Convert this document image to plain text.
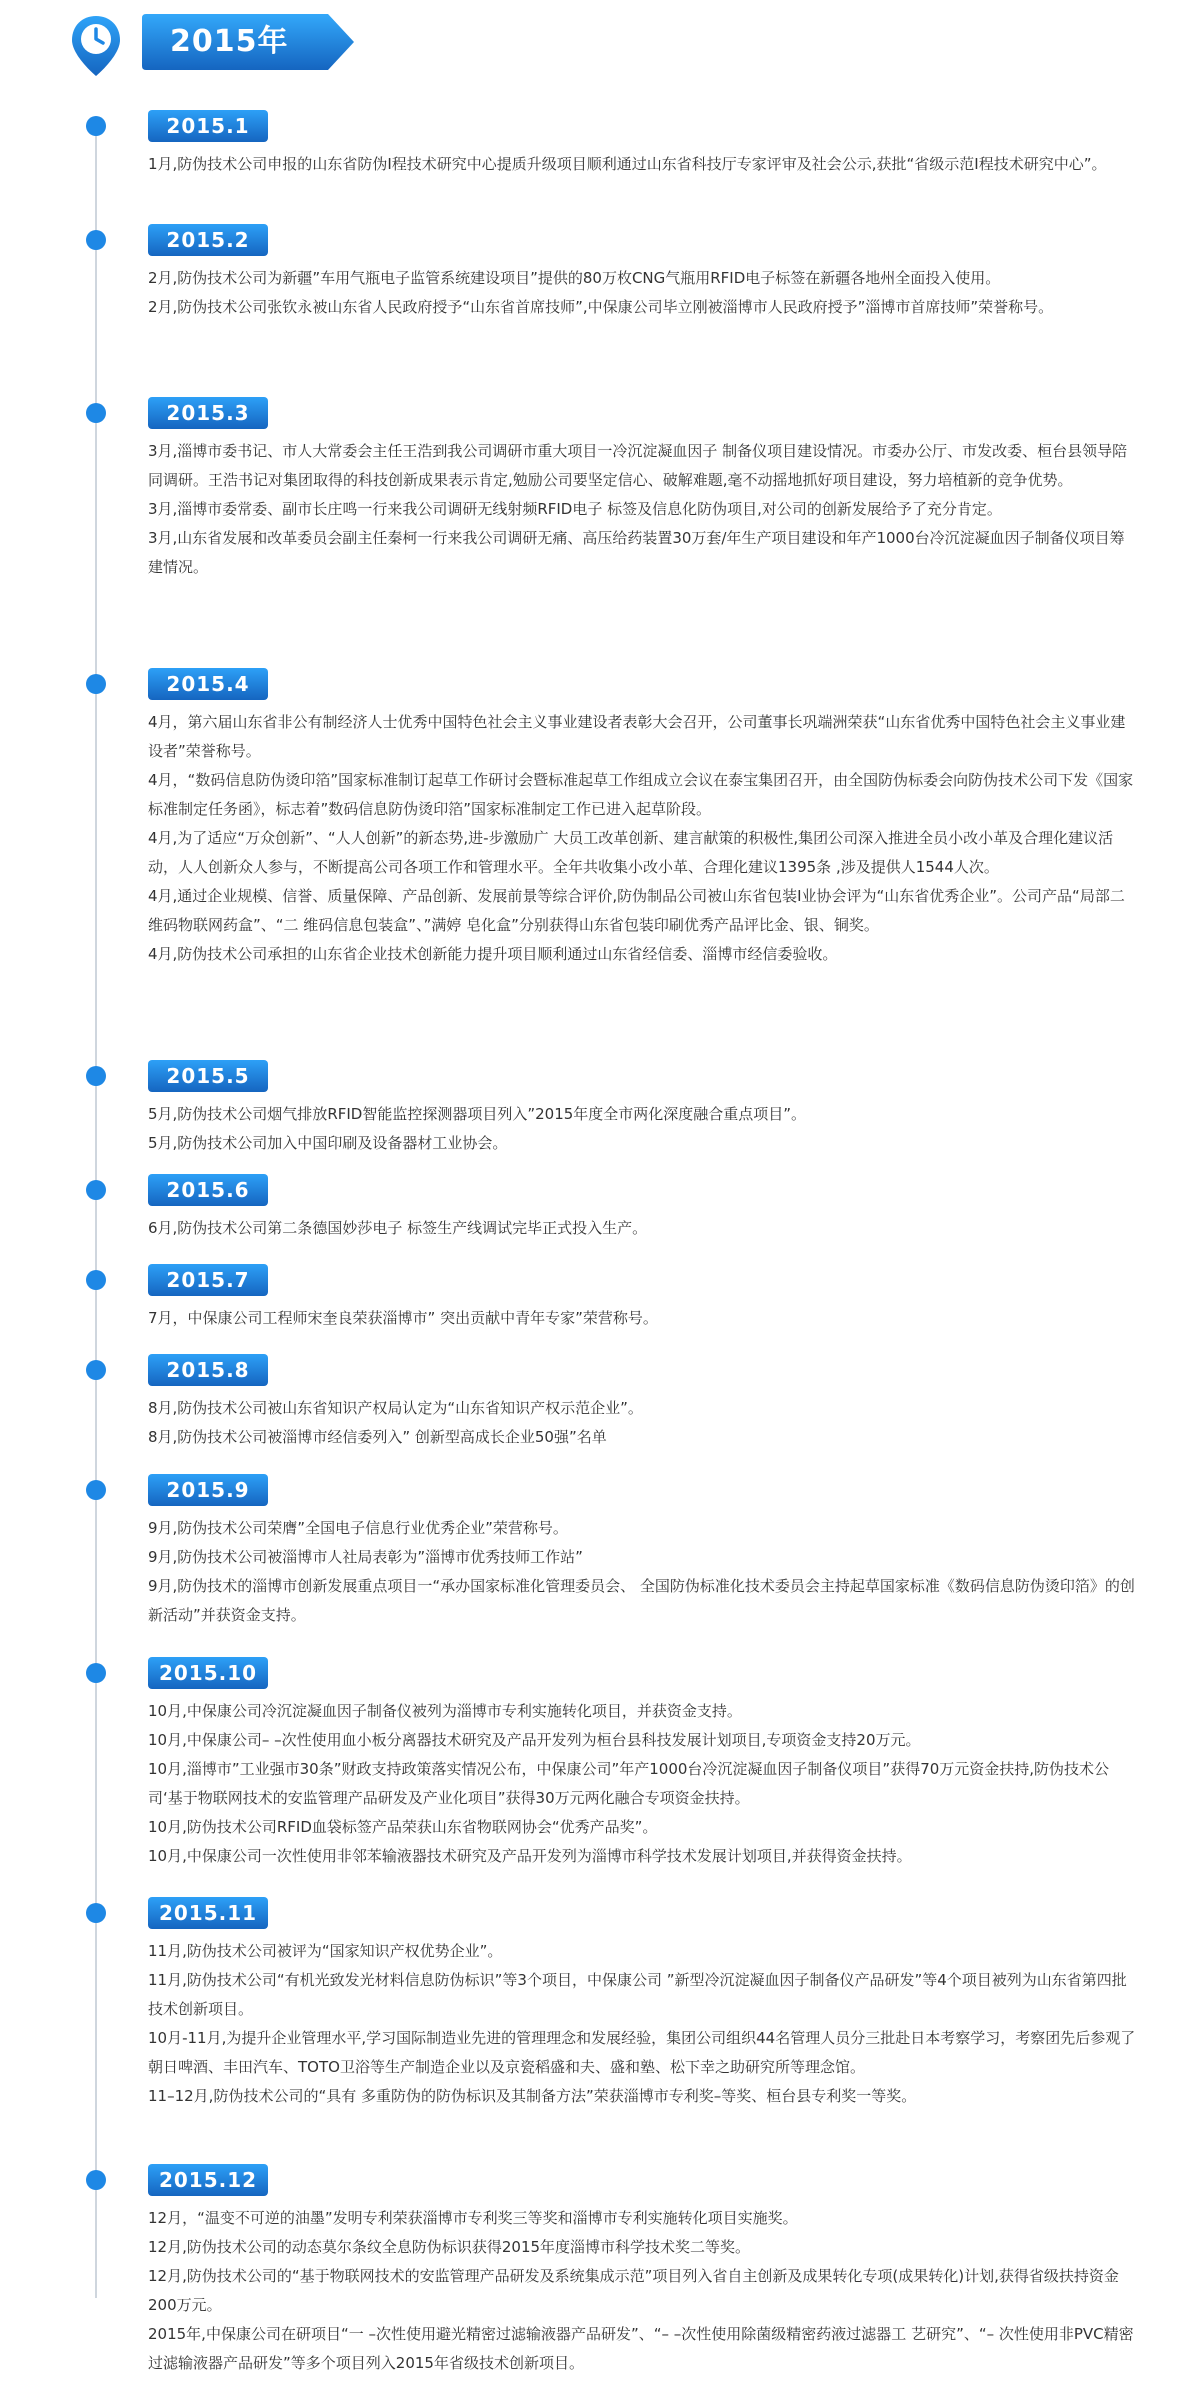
2015年
2015.1

1月,防伪技术公司申报的山东省防伪I程技术研究中心提质升级项目顺利通过山东省科技厅专家评审及社会公示,获批“省级示范I程技术研究中心”。

2015.2

2月,防伪技术公司为新疆”车用气瓶电子监管系统建设项目”提供的80万枚CNG气瓶用RFID电子标签在新疆各地州全面投入使用。

2月,防伪技术公司张钦永被山东省人民政府授予“山东省首席技师”,中保康公司毕立刚被淄博市人民政府授予”淄博市首席技师”荣誉称号。

2015.3

3月,淄博市委书记、市人大常委会主任王浩到我公司调研市重大项目一冷沉淀凝血因子 制备仪项目建设情况。市委办公厅、市发改委、桓台县领导陪同调研。王浩书记对集团取得的科技创新成果表示肯定,勉励公司要坚定信心、破解难题,毫不动摇地抓好项目建设，努力培植新的竞争优势。

3月,淄博市委常委、副市长庄鸣一行来我公司调研无线射频RFID电子 标签及信息化防伪项目,对公司的创新发展给予了充分肯定。

3月,山东省发展和改革委员会副主任秦柯一行来我公司调研无痛、高压给药装置30万套/年生产项目建设和年产1000台冷沉淀凝血因子制备仪项目筹建情况。

2015.4

4月，第六届山东省非公有制经济人士优秀中国特色社会主义事业建设者表彰大会召开，公司董事长巩端洲荣获“山东省优秀中国特色社会主义事业建设者”荣誉称号。

4月，“数码信息防伪烫印箔”国家标准制订起草工作研讨会暨标准起草工作组成立会议在泰宝集团召开，由全国防伪标委会向防伪技术公司下发《国家标准制定任务函》，标志着”数码信息防伪烫印箔”国家标准制定工作已进入起草阶段。

4月,为了适应“万众创新”、“人人创新”的新态势,进-步激励广 大员工改革创新、建言献策的积极性,集团公司深入推进全员小改小革及合理化建议活动，人人创新众人参与，不断提高公司各项工作和管理水平。全年共收集小改小革、合理化建议1395条 ,涉及提供人1544人次。

4月,通过企业规模、信誉、质量保障、产品创新、发展前景等综合评价,防伪制品公司被山东省包装I业协会评为“山东省优秀企业”。公司产品“局部二维码物联网药盒”、“二 维码信息包装盒”、”满婷 皂化盒”分别获得山东省包装印刷优秀产品评比金、银、铜奖。

4月,防伪技术公司承担的山东省企业技术创新能力提升项目顺利通过山东省经信委、淄博市经信委验收。

2015.5

5月,防伪技术公司烟气排放RFID智能监控探测器项目列入”2015年度全市两化深度融合重点项目”。

5月,防伪技术公司加入中国印刷及设备器材工业协会。

2015.6

6月,防伪技术公司第二条德国妙莎电子 标签生产线调试完毕正式投入生产。

2015.7

7月，中保康公司工程师宋奎良荣获淄博市” 突出贡献中青年专家”荣营称号。

2015.8

8月,防伪技术公司被山东省知识产权局认定为“山东省知识产权示范企业”。

8月,防伪技术公司被淄博市经信委列入” 创新型高成长企业50强”名单

2015.9

9月,防伪技术公司荣膺”全国电子信息行业优秀企业”荣营称号。

9月,防伪技术公司被淄博市人社局表彰为”淄博市优秀技师工作站”

9月,防伪技术的淄博市创新发展重点项目一“承办国家标准化管理委员会、 全国防伪标准化技术委员会主持起草国家标准《数码信息防伪烫印箔》的创新活动”并获资金支持。

2015.10

10月,中保康公司冷沉淀凝血因子制备仪被列为淄博市专利实施转化项目，并获资金支持。

10月,中保康公司– –次性使用血小板分离器技术研究及产品开发列为桓台县科技发展计划项目,专项资金支持20万元。

10月,淄博市”工业强市30条”财政支持政策落实情况公布，中保康公司”年产1000台冷沉淀凝血因子制备仪项目”获得70万元资金扶持,防伪技术公司‘基于物联网技术的安监管理产品研发及产业化项目”获得30万元两化融合专项资金扶持。

10月,防伪技术公司RFID血袋标签产品荣获山东省物联网协会“优秀产品奖”。

10月,中保康公司一次性使用非邻苯输液器技术研究及产品开发列为淄博市科学技术发展计划项目,并获得资金扶持。

2015.11

11月,防伪技术公司被评为“国家知识产权优势企业”。

11月,防伪技术公司“有机光致发光材料信息防伪标识”等3个项目，中保康公司 ”新型冷沉淀凝血因子制备仪产品研发”等4个项目被列为山东省第四批技术创新项目。

10月-11月,为提升企业管理水平,学习国际制造业先进的管理理念和发展经验，集团公司组织44名管理人员分三批赴日本考察学习，考察团先后参观了朝日啤酒、丰田汽车、TOTO卫浴等生产制造企业以及京瓷稻盛和夫、盛和塾、松下幸之助研究所等理念馆。

11–12月,防伪技术公司的“具有 多重防伪的防伪标识及其制备方法”荣获淄博市专利奖–等奖、桓台县专利奖一等奖。

2015.12

12月，“温变不可逆的油墨”发明专利荣获淄博市专利奖三等奖和淄博市专利实施转化项目实施奖。

12月,防伪技术公司的动态莫尔条纹全息防伪标识获得2015年度淄博市科学技术奖二等奖。

12月,防伪技术公司的“基于物联网技术的安监管理产品研发及系统集成示范”项目列入省自主创新及成果转化专项(成果转化)计划,获得省级扶持资金200万元。

2015年,中保康公司在研项目“一 –次性使用避光精密过滤输液器产品研发”、“– –次性使用除菌级精密药液过滤器工 艺研究”、“– 次性使用非PVC精密过滤输液器产品研发”等多个项目列入2015年省级技术创新项目。
